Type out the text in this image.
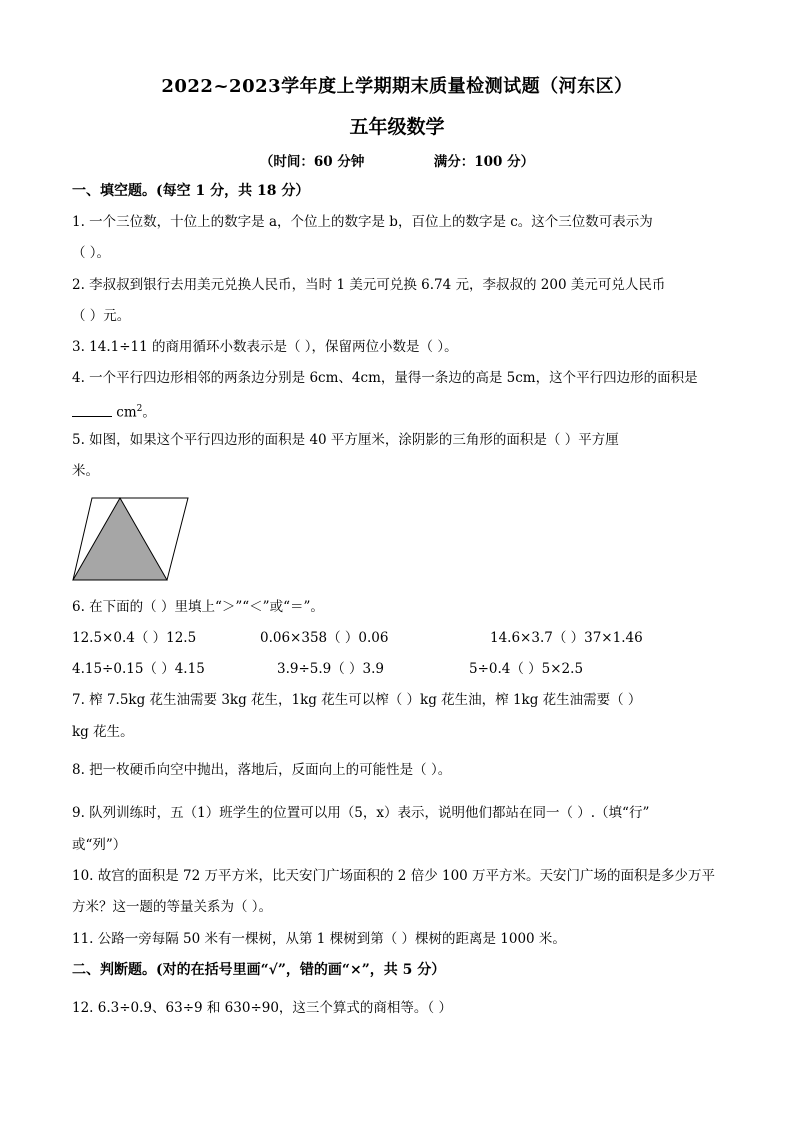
2022~2023学年度上学期期末质量检测试题（河东区）
五年级数学
（时间：60 分钟	满分：100 分）
一、填空题。(每空 1 分，共 18 分）
1. 一个三位数，十位上的数字是 a，个位上的数字是 b，百位上的数字是 c。这个三位数可表示为
（ ）。
2. 李叔叔到银行去用美元兑换人民币，当时 1 美元可兑换 6.74 元，李叔叔的 200 美元可兑人民币
（ ）元。
3. 14.1÷11 的商用循环小数表示是（ ），保留两位小数是（ ）。
4. 一个平行四边形相邻的两条边分别是 6cm、4cm，量得一条边的高是 5cm，这个平行四边形的面积是
$cm^2$。
5. 如图，如果这个平行四边形的面积是 40 平方厘米，涂阴影的三角形的面积是（ ）平方厘
米。
6. 在下面的（ ）里填上“＞”“＜”或“＝”。
12.5×0.4（ ）12.5	0.06×358（ ）0.06	14.6×3.7（ ）37×1.46
4.15÷0.15（ ）4.15	3.9÷5.9（ ）3.9	5÷0.4（ ）5×2.5
7. 榨 7.5kg 花生油需要 3kg 花生，1kg 花生可以榨（ ）kg 花生油，榨 1kg 花生油需要（ ）
kg 花生。
8. 把一枚硬币向空中抛出，落地后，反面向上的可能性是（ ）。
9. 队列训练时，五（1）班学生的位置可以用（5，x）表示，说明他们都站在同一（ ）.（填“行”
或“列”）
10. 故宫的面积是 72 万平方米，比天安门广场面积的 2 倍少 100 万平方米。天安门广场的面积是多少万平
方米？这一题的等量关系为（ ）。
11. 公路一旁每隔 50 米有一棵树，从第 1 棵树到第（ ）棵树的距离是 1000 米。
二、判断题。(对的在括号里画“√”，错的画“×”，共 5 分）
12. 6.3÷0.9、63÷9 和 630÷90，这三个算式的商相等。（ ）
